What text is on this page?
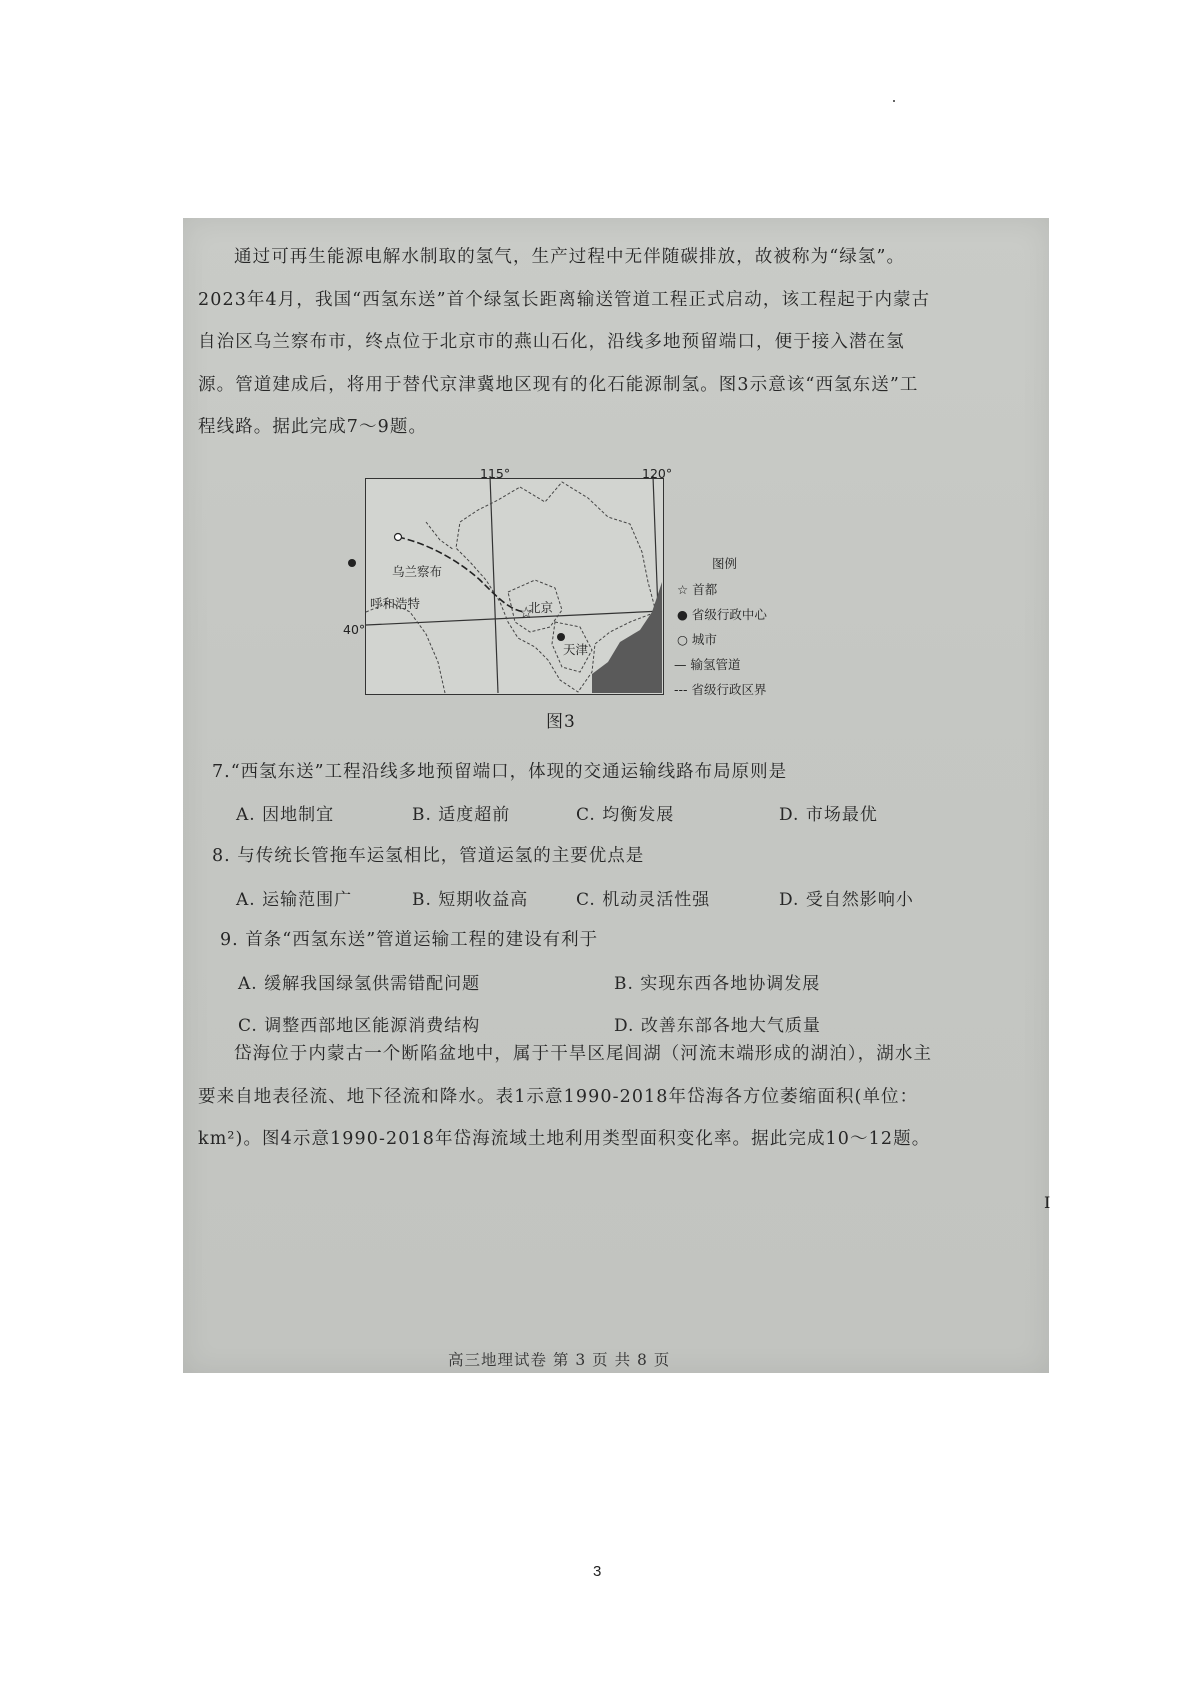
通过可再生能源电解水制取的氢气，生产过程中无伴随碳排放，故被称为“绿氢”。2023年4月，我国“西氢东送”首个绿氢长距离输送管道工程正式启动，该工程起于内蒙古自治区乌兰察布市，终点位于北京市的燕山石化，沿线多地预留端口，便于接入潜在氢源。管道建成后，将用于替代京津冀地区现有的化石能源制氢。图3示意该“西氢东送”工程线路。据此完成7～9题。
☆
115°	120°
40°
乌兰察布
呼和浩特	北京
天津
图例
☆ 首都
● 省级行政中心
○ 城市
— 输氢管道
--- 省级行政区界
图3
7.“西氢东送”工程沿线多地预留端口，体现的交通运输线路布局原则是
A. 因地制宜	B. 适度超前	C. 均衡发展	D. 市场最优
8. 与传统长管拖车运氢相比，管道运氢的主要优点是
A. 运输范围广	B. 短期收益高	C. 机动灵活性强	D. 受自然影响小
9. 首条“西氢东送”管道运输工程的建设有利于
A. 缓解我国绿氢供需错配问题	B. 实现东西各地协调发展
C. 调整西部地区能源消费结构	D. 改善东部各地大气质量
岱海位于内蒙古一个断陷盆地中，属于干旱区尾闾湖（河流末端形成的湖泊），湖水主要来自地表径流、地下径流和降水。表1示意1990-2018年岱海各方位萎缩面积(单位：km²)。图4示意1990-2018年岱海流域土地利用类型面积变化率。据此完成10～12题。
I
高三地理试卷 第 3 页 共 8 页
3
